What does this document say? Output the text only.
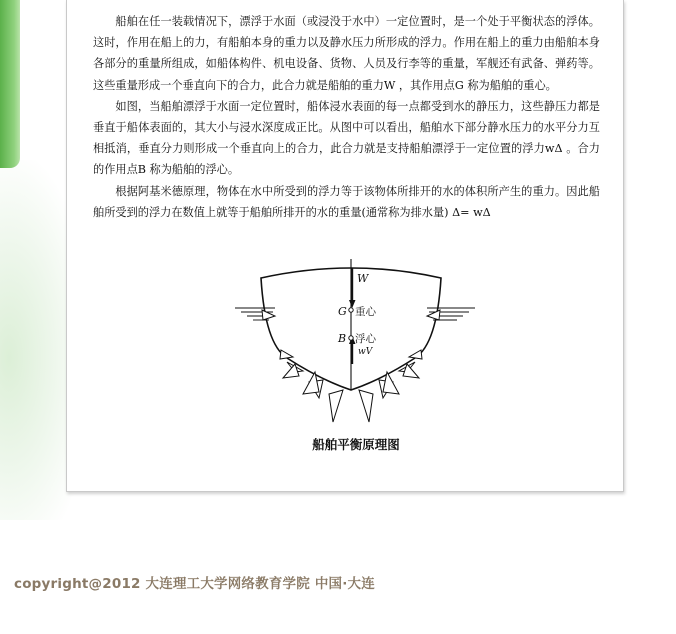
船舶在任一装载情况下，漂浮于水面（或浸没于水中）一定位置时，是一个处于平衡状态的浮体。这时，作用在船上的力，有船舶本身的重力以及静水压力所形成的浮力。作用在船上的重力由船舶本身各部分的重量所组成，如船体构件、机电设备、货物、人员及行李等的重量，军舰还有武备、弹药等。这些重量形成一个垂直向下的合力，此合力就是船舶的重力W ，其作用点G 称为船舶的重心。

如图，当船舶漂浮于水面一定位置时，船体浸水表面的每一点都受到水的静压力，这些静压力都是垂直于船体表面的，其大小与浸水深度成正比。从图中可以看出，船舶水下部分静水压力的水平分力互相抵消，垂直分力则形成一个垂直向上的合力，此合力就是支持船舶漂浮于一定位置的浮力wΔ 。合力的作用点B 称为船舶的浮心。

根据阿基米德原理，物体在水中所受到的浮力等于该物体所排开的水的体积所产生的重力。因此船舶所受到的浮力在数值上就等于船舶所排开的水的重量(通常称为排水量) Δ= wΔ

W
G 重心
B 浮心
wV
船舶平衡原理图
copyright@2012 大连理工大学网络教育学院 中国·大连
